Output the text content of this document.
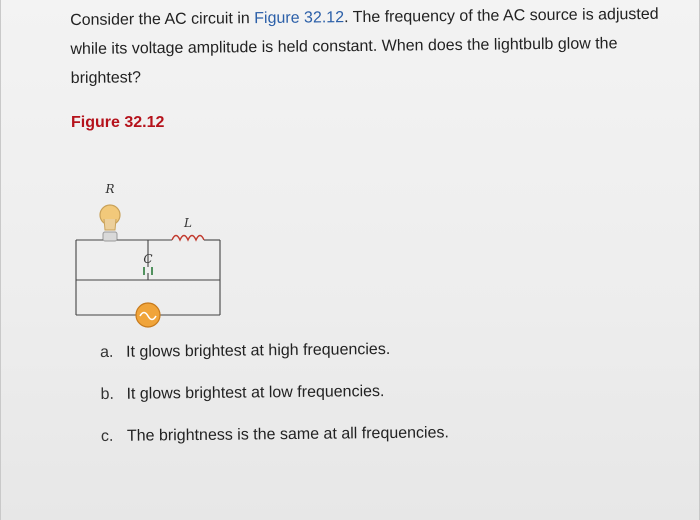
Consider the AC circuit in Figure 32.12. The frequency of the AC source is adjusted while its voltage amplitude is held constant. When does the lightbulb glow the brightest?
Figure 32.12
R
L
C
a. It glows brightest at high frequencies.
b. It glows brightest at low frequencies.
c. The brightness is the same at all frequencies.
